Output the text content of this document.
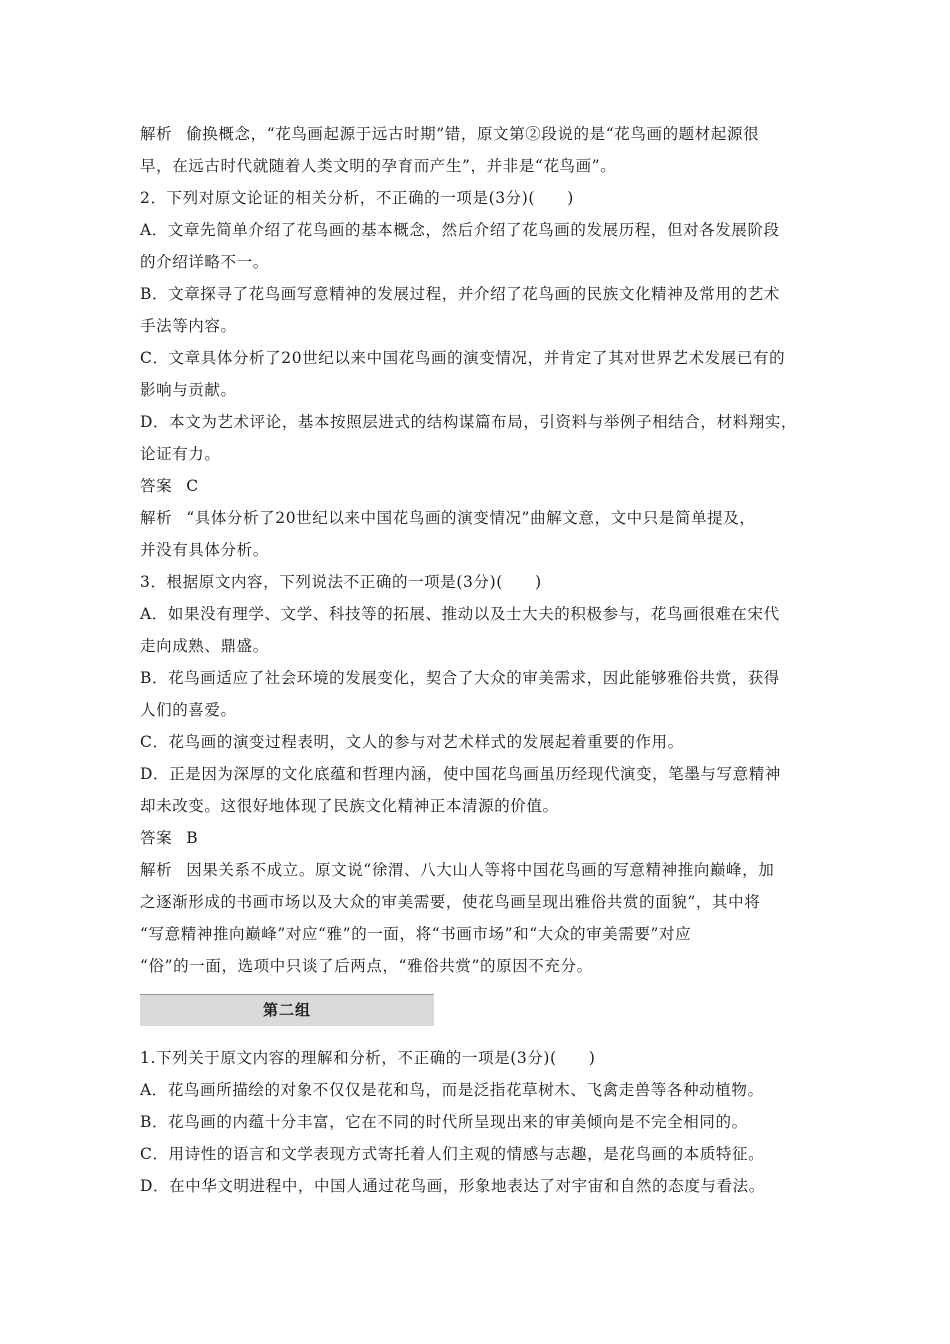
解析 偷换概念，“花鸟画起源于远古时期”错，原文第②段说的是“花鸟画的题材起源很
早，在远古时代就随着人类文明的孕育而产生”，并非是“花鸟画”。
2．下列对原文论证的相关分析，不正确的一项是(3分)(　　)
A．文章先简单介绍了花鸟画的基本概念，然后介绍了花鸟画的发展历程，但对各发展阶段
的介绍详略不一。
B．文章探寻了花鸟画写意精神的发展过程，并介绍了花鸟画的民族文化精神及常用的艺术
手法等内容。
C．文章具体分析了20世纪以来中国花鸟画的演变情况，并肯定了其对世界艺术发展已有的
影响与贡献。
D．本文为艺术评论，基本按照层进式的结构谋篇布局，引资料与举例子相结合，材料翔实，
论证有力。
答案 C
解析 “具体分析了20世纪以来中国花鸟画的演变情况”曲解文意，文中只是简单提及，
并没有具体分析。
3．根据原文内容，下列说法不正确的一项是(3分)(　　)
A．如果没有理学、文学、科技等的拓展、推动以及士大夫的积极参与，花鸟画很难在宋代
走向成熟、鼎盛。
B．花鸟画适应了社会环境的发展变化，契合了大众的审美需求，因此能够雅俗共赏，获得
人们的喜爱。
C．花鸟画的演变过程表明，文人的参与对艺术样式的发展起着重要的作用。
D．正是因为深厚的文化底蕴和哲理内涵，使中国花鸟画虽历经现代演变，笔墨与写意精神
却未改变。这很好地体现了民族文化精神正本清源的价值。
答案 B
解析 因果关系不成立。原文说“徐渭、八大山人等将中国花鸟画的写意精神推向巅峰，加
之逐渐形成的书画市场以及大众的审美需要，使花鸟画呈现出雅俗共赏的面貌”，其中将
“写意精神推向巅峰”对应“雅”的一面，将“书画市场”和“大众的审美需要”对应
“俗”的一面，选项中只谈了后两点，“雅俗共赏”的原因不充分。
第二组
1.下列关于原文内容的理解和分析，不正确的一项是(3分)(　　)
A．花鸟画所描绘的对象不仅仅是花和鸟，而是泛指花草树木、飞禽走兽等各种动植物。
B．花鸟画的内蕴十分丰富，它在不同的时代所呈现出来的审美倾向是不完全相同的。
C．用诗性的语言和文学表现方式寄托着人们主观的情感与志趣，是花鸟画的本质特征。
D．在中华文明进程中，中国人通过花鸟画，形象地表达了对宇宙和自然的态度与看法。
